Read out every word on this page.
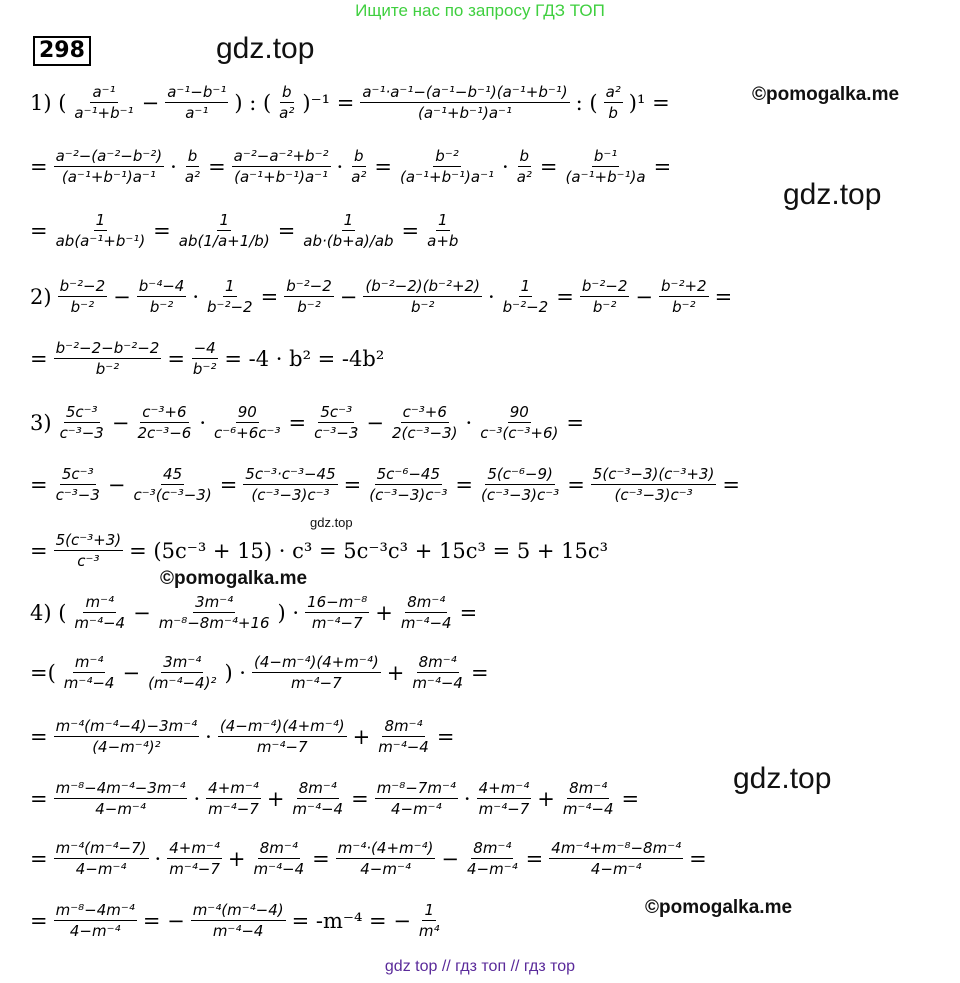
Ищите нас по запросу ГДЗ ТОП
298	gdz.top
gdz.top
gdz.top
gdz.top
©pomogalka.me
©pomogalka.me
©pomogalka.me
1) ( $\frac{\text{a⁻¹}}{\text{a⁻¹+b⁻¹}} - \frac{\text{a⁻¹−b⁻¹}}{\text{a⁻¹}}$ ) : ( $\frac{b}{\text{a²}} )^{-1} = \frac{\text{a⁻¹·a⁻¹−(a⁻¹−b⁻¹)(a⁻¹+b⁻¹)}}{\text{(a⁻¹+b⁻¹)a⁻¹}}$ : ( $\frac{\text{a²}}{b} )^1$ =
= $\frac{\text{a⁻²−(a⁻²−b⁻²)}}{\text{(a⁻¹+b⁻¹)a⁻¹}} \cdot \frac{b}{\text{a²}} = \frac{\text{a⁻²−a⁻²+b⁻²}}{\text{(a⁻¹+b⁻¹)a⁻¹}} \cdot \frac{b}{\text{a²}} = \frac{\text{b⁻²}}{\text{(a⁻¹+b⁻¹)a⁻¹}} \cdot \frac{b}{\text{a²}} = \frac{\text{b⁻¹}}{\text{(a⁻¹+b⁻¹)a}}$ =
= $\frac{1}{\text{ab(a⁻¹+b⁻¹)}} = \frac{1}{ab(1/a+1/b)} = \frac{1}{ab\cdot(b+a)/ab} = \frac{1}{a+b}$
$2) \frac{\text{b⁻²−2}}{\text{b⁻²}} - \frac{\text{b⁻⁴−4}}{\text{b⁻²}} \cdot \frac{1}{\text{b⁻²−2}} = \frac{\text{b⁻²−2}}{\text{b⁻²}} - \frac{\text{(b⁻²−2)(b⁻²+2)}}{\text{b⁻²}} \cdot \frac{1}{\text{b⁻²−2}} = \frac{\text{b⁻²−2}}{\text{b⁻²}} - \frac{\text{b⁻²+2}}{\text{b⁻²}}$ =
= $\frac{\text{b⁻²−2−b⁻²−2}}{\text{b⁻²}} = \frac{-4}{\text{b⁻²}} = -4 \cdot b^2 = -4b^2$
$3) \frac{\text{5c⁻³}}{\text{c⁻³−3}} - \frac{\text{c⁻³+6}}{\text{2c⁻³−6}} \cdot \frac{90}{\text{c⁻⁶+6c⁻³}} = \frac{\text{5c⁻³}}{\text{c⁻³−3}} - \frac{\text{c⁻³+6}}{\text{2(c⁻³−3)}} \cdot \frac{90}{\text{c⁻³(c⁻³+6)}}$ =
= $\frac{\text{5c⁻³}}{\text{c⁻³−3}} - \frac{45}{\text{c⁻³(c⁻³−3)}} = \frac{\text{5c⁻³·c⁻³−45}}{\text{(c⁻³−3)c⁻³}} = \frac{\text{5c⁻⁶−45}}{\text{(c⁻³−3)c⁻³}} = \frac{\text{5(c⁻⁶−9)}}{\text{(c⁻³−3)c⁻³}} = \frac{\text{5(c⁻³−3)(c⁻³+3)}}{\text{(c⁻³−3)c⁻³}}$ =
= $\frac{\text{5(c⁻³+3)}}{\text{c⁻³}} = (5c^{-3} + 15) \cdot c^3 = 5c^{-3}c^3 + 15c^3 = 5 + 15c^3$
4) ( $\frac{\text{m⁻⁴}}{\text{m⁻⁴−4}} - \frac{\text{3m⁻⁴}}{\text{m⁻⁸−8m⁻⁴+16}}$ ) · $\frac{\text{16−m⁻⁸}}{\text{m⁻⁴−7}} + \frac{\text{8m⁻⁴}}{\text{m⁻⁴−4}}$ =
=( $\frac{\text{m⁻⁴}}{\text{m⁻⁴−4}} - \frac{\text{3m⁻⁴}}{\text{(m⁻⁴−4)²}}$ ) · $\frac{\text{(4−m⁻⁴)(4+m⁻⁴)}}{\text{m⁻⁴−7}} + \frac{\text{8m⁻⁴}}{\text{m⁻⁴−4}}$ =
= $\frac{\text{m⁻⁴(m⁻⁴−4)−3m⁻⁴}}{\text{(4−m⁻⁴)²}} \cdot \frac{\text{(4−m⁻⁴)(4+m⁻⁴)}}{\text{m⁻⁴−7}} + \frac{\text{8m⁻⁴}}{\text{m⁻⁴−4}}$ =
= $\frac{\text{m⁻⁸−4m⁻⁴−3m⁻⁴}}{\text{4−m⁻⁴}} \cdot \frac{\text{4+m⁻⁴}}{\text{m⁻⁴−7}} + \frac{\text{8m⁻⁴}}{\text{m⁻⁴−4}} = \frac{\text{m⁻⁸−7m⁻⁴}}{\text{4−m⁻⁴}} \cdot \frac{\text{4+m⁻⁴}}{\text{m⁻⁴−7}} + \frac{\text{8m⁻⁴}}{\text{m⁻⁴−4}}$ =
= $\frac{\text{m⁻⁴(m⁻⁴−7)}}{\text{4−m⁻⁴}} \cdot \frac{\text{4+m⁻⁴}}{\text{m⁻⁴−7}} + \frac{\text{8m⁻⁴}}{\text{m⁻⁴−4}} = \frac{\text{m⁻⁴·(4+m⁻⁴)}}{\text{4−m⁻⁴}} - \frac{\text{8m⁻⁴}}{\text{4−m⁻⁴}} = \frac{\text{4m⁻⁴+m⁻⁸−8m⁻⁴}}{\text{4−m⁻⁴}}$ =
= $\frac{\text{m⁻⁸−4m⁻⁴}}{\text{4−m⁻⁴}}$ = − $\frac{\text{m⁻⁴(m⁻⁴−4)}}{\text{m⁻⁴−4}} = -m^{-4}$ = − $\frac{1}{\text{m⁴}}$
gdz top // гдз топ // гдз тор
